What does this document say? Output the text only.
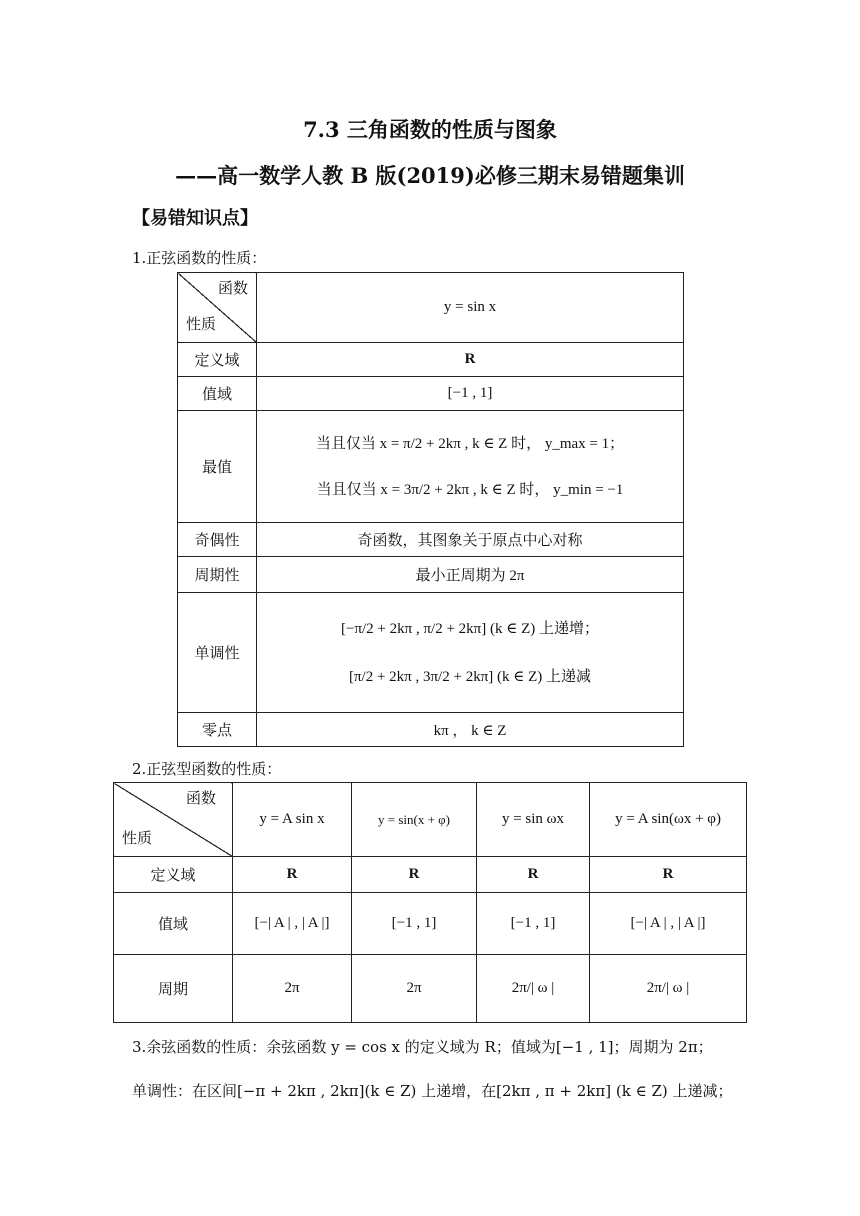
7.3 三角函数的性质与图象
——高一数学人教 B 版(2019)必修三期末易错题集训
【易错知识点】
1.正弦函数的性质：
函数
性质	y = sin x
定义域	R
值域	[−1 , 1]
最值	当且仅当 x = π/2 + 2kπ , k ∈ Z 时， y_max = 1；
当且仅当 x = 3π/2 + 2kπ , k ∈ Z 时， y_min = −1

奇偶性	奇函数，其图象关于原点中心对称
周期性	最小正周期为 2π
单调性	[−π/2 + 2kπ , π/2 + 2kπ] (k ∈ Z) 上递增；
[π/2 + 2kπ , 3π/2 + 2kπ] (k ∈ Z) 上递减

零点	kπ ， k ∈ Z
2.正弦型函数的性质：
函数
性质	y = A sin x	y = sin(x + φ)	y = sin ωx	y = A sin(ωx + φ)
定义域	R	R	R	R
值域	[−| A | , | A |]	[−1 , 1]	[−1 , 1]	[−| A | , | A |]
周期	2π	2π	2π/| ω |	2π/| ω |
3.余弦函数的性质：余弦函数 y = cos x 的定义域为 R；值域为[−1 , 1]；周期为 2π；
单调性：在区间[−π + 2kπ , 2kπ](k ∈ Z) 上递增，在[2kπ , π + 2kπ] (k ∈ Z) 上递减；
